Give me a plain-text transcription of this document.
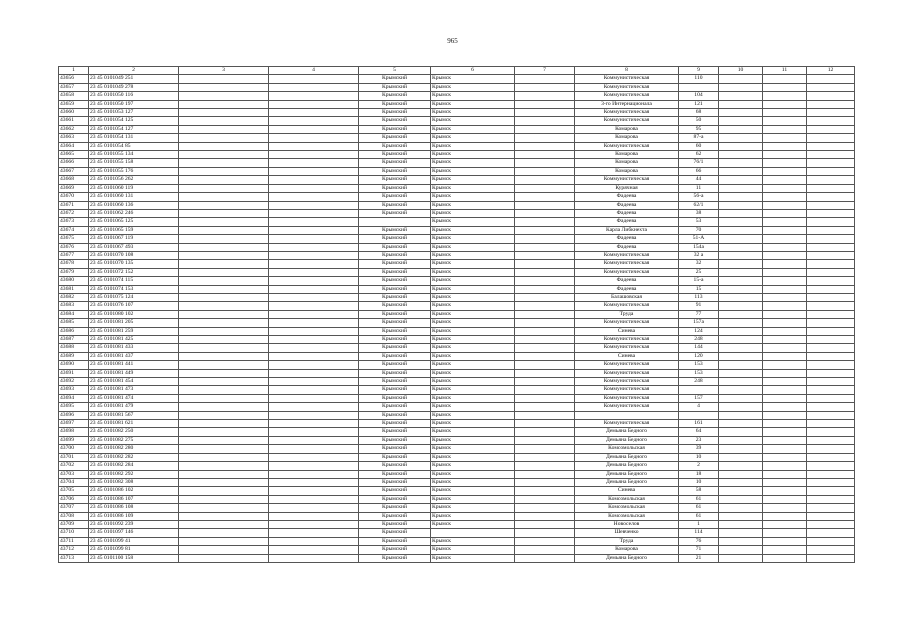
965
1	2	3	4	5	6	7	8	9	10	11	12
43656	23 45 0101049 251			Крымский	Крымск		Коммунистическая	110			
43657	23 45 0101049 278			Крымский	Крымск		Коммунистическая				
43658	23 45 0101050 116			Крымский	Крымск		Коммунистическая	104			
43659	23 45 0101050 197			Крымский	Крымск		3-го Интернационала	121			
43660	23 45 0101053 127			Крымский	Крымск		Коммунистическая	68			
43661	23 45 0101054 125			Крымский	Крымск		Коммунистическая	50			
43662	23 45 0101054 127			Крымский	Крымск		Комарова	95			
43663	23 45 0101054 131			Крымский	Крымск		Комарова	87-а			
43664	23 45 0101054 85			Крымский	Крымск		Коммунистическая	60			
43665	23 45 0101055 134			Крымский	Крымск		Комарова	62			
43666	23 45 0101055 158			Крымский	Крымск		Комарова	76/1			
43667	23 45 0101055 176			Крымский	Крымск		Комарова	66			
43668	23 45 0101056 262			Крымский	Крымск		Коммунистическая	44			
43669	23 45 0101060 119			Крымский	Крымск		Курячная	11			
43670	23 45 0101060 131			Крымский	Крымск		Фадеева	56-а			
43671	23 45 0101060 136			Крымский	Крымск		Фадеева	62/1			
43672	23 45 0101062 246			Крымский	Крымск		Фадеева	38			
43673	23 45 0101065 125				Крымск		Фадеева	53			
43674	23 45 0101065 159			Крымский	Крымск		Карла Либкнехта	70			
43675	23 45 0101067 119			Крымский	Крымск		Фадеева	51-А			
43676	23 45 0101067 493			Крымский	Крымск		Фадеева	154а			
43677	23 45 0101070 108			Крымский	Крымск		Коммунистическая	32 а			
43678	23 45 0101070 135			Крымский	Крымск		Коммунистическая	32			
43679	23 45 0101072 152			Крымский	Крымск		Коммунистическая	25			
43680	23 45 0101074 115			Крымский	Крымск		Фадеева	15-а			
43681	23 45 0101074 153			Крымский	Крымск		Фадеева	15			
43682	23 45 0101075 124			Крымский	Крымск		Балашовская	113			
43683	23 45 0101076 107			Крымский	Крымск		Коммунистическая	91			
43684	23 45 0101080 102			Крымский	Крымск		Труда	77			
43685	23 45 0101081 205			Крымский	Крымск		Коммунистическая	157а			
43686	23 45 0101081 259			Крымский	Крымск		Синева	124			
43687	23 45 0101081 425			Крымский	Крымск		Коммунистическая	248			
43688	23 45 0101081 433			Крымский	Крымск		Коммунистическая	144			
43689	23 45 0101081 437			Крымский	Крымск		Синева	120			
43690	23 45 0101081 441			Крымский	Крымск		Коммунистическая	153			
43691	23 45 0101081 449			Крымский	Крымск		Коммунистическая	153			
43692	23 45 0101081 454			Крымский	Крымск		Коммунистическая	248			
43693	23 45 0101081 473			Крымский	Крымск		Коммунистическая				
43694	23 45 0101081 474			Крымский	Крымск		Коммунистическая	157			
43695	23 45 0101081 479			Крымский	Крымск		Коммунистическая	4			
43696	23 45 0101081 567			Крымский	Крымск						
43697	23 45 0101081 621			Крымский	Крымск		Коммунистическая	161			
43698	23 45 0101082 250			Крымский	Крымск		Демьяна Бедного	64			
43699	23 45 0101082 275			Крымский	Крымск		Демьяна Бедного	23			
43700	23 45 0101082 280			Крымский	Крымск		Комсомольская	39			
43701	23 45 0101082 282			Крымский	Крымск		Демьяна Бедного	10			
43702	23 45 0101082 284			Крымский	Крымск		Демьяна Бедного	2			
43703	23 45 0101082 292			Крымский	Крымск		Демьяна Бедного	18			
43704	23 45 0101082 308			Крымский	Крымск		Демьяна Бедного	10			
43705	23 45 0101086 102			Крымский	Крымск		Синева	58			
43706	23 45 0101086 107			Крымский	Крымск		Комсомольская	61			
43707	23 45 0101086 108			Крымский	Крымск		Комсомольская	61			
43708	23 45 0101086 109			Крымский	Крымск		Комсомольская	61			
43709	23 45 0101092 239			Крымский	Крымск		Новоселов	1			
43710	23 45 0101097 146			Крымский			Шевченко	114			
43711	23 45 0101099 41			Крымский	Крымск		Труда	76			
43712	23 45 0101099 81			Крымский	Крымск		Комарова	71			
43713	23 45 0101100 158			Крымский	Крымск		Демьяна Бедного	21			
